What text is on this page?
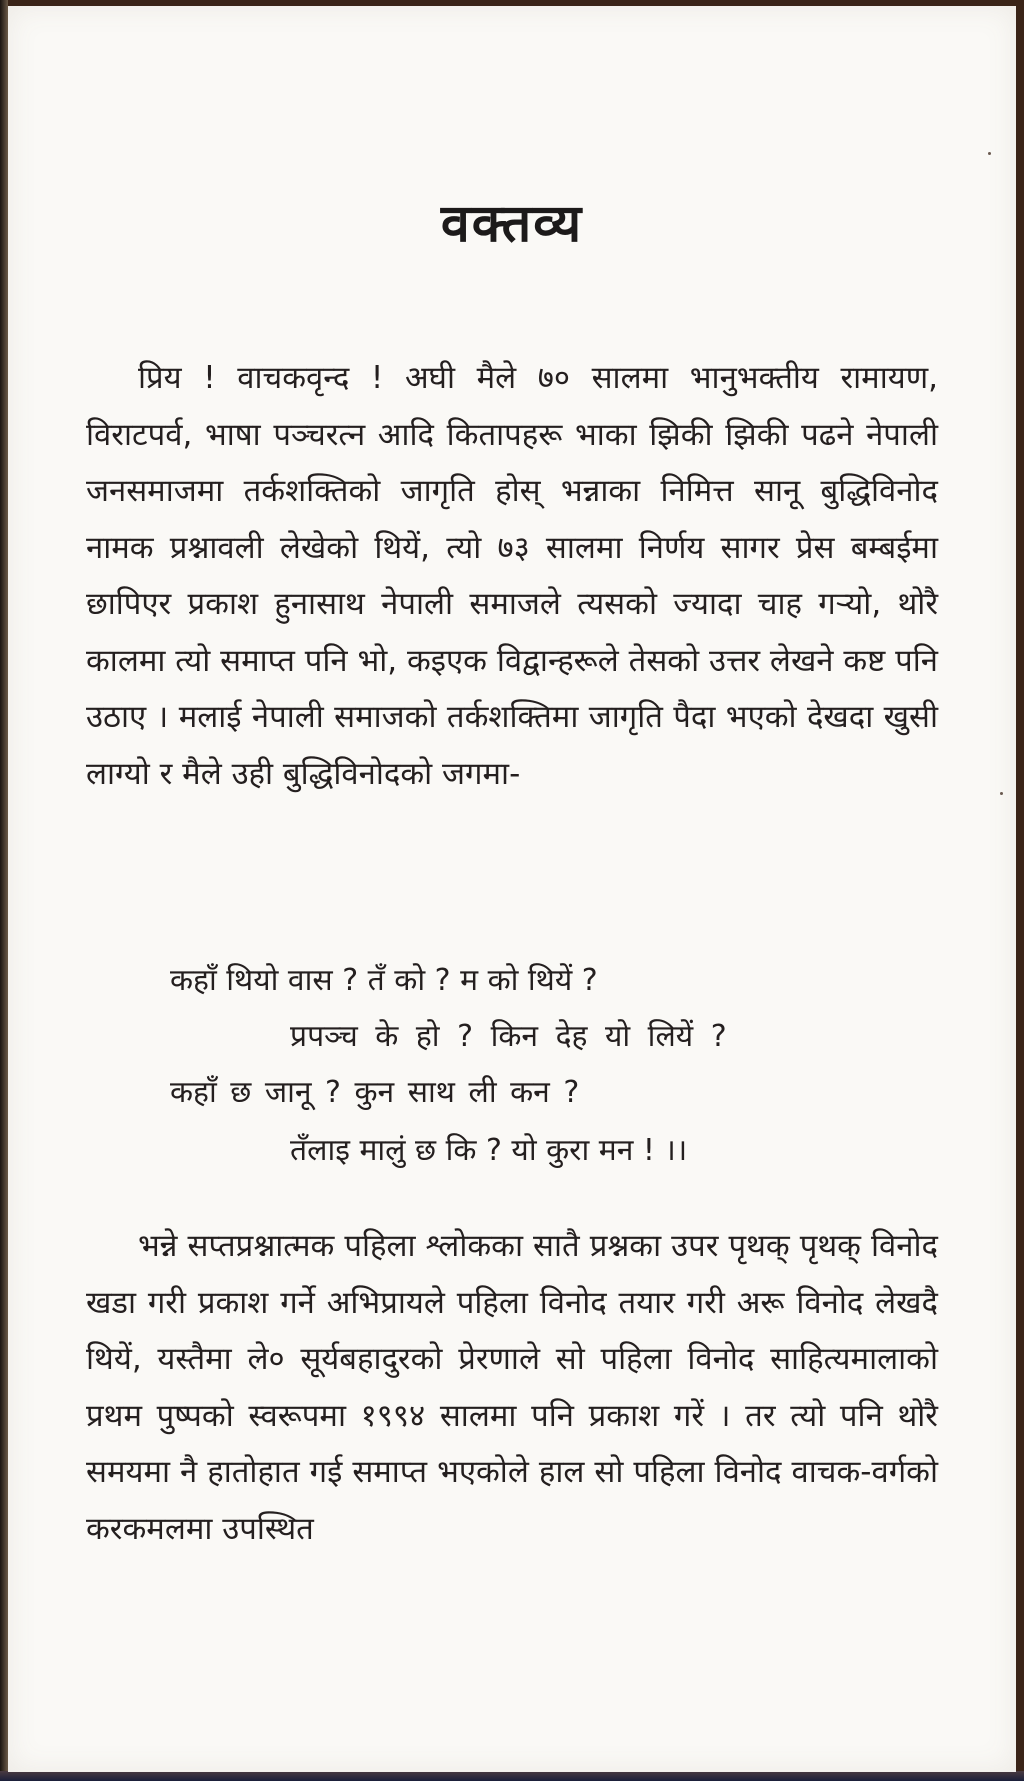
वक्तव्य

प्रिय ! वाचकवृन्द ! अघी मैले ७० सालमा भानुभक्तीय रामायण, विराटपर्व, भाषा पञ्चरत्न आदि कितापहरू भाका झिकी झिकी पढने नेपाली जनसमाजमा तर्कशक्तिको जागृति होस् भन्नाका निमित्त सानू बुद्धिविनोद नामक प्रश्नावली लेखेको थियें, त्यो ७३ सालमा निर्णय सागर प्रेस बम्बईमा छापिएर प्रकाश हुनासाथ नेपाली समाजले त्यसको ज्यादा चाह गऱ्यो, थोरै कालमा त्यो समाप्त पनि भो, कइएक विद्वान्हरूले तेसको उत्तर लेखने कष्ट पनि उठाए । मलाई नेपाली समाजको तर्कशक्तिमा जागृति पैदा भएको देखदा खुसी लाग्यो र मैले उही बुद्धिविनोदको जगमा-

कहाँ थियो वास ? तँ को ? म को थियें ?
प्रपञ्च के हो ? किन देह यो लियें ?
कहाँ छ जानू ? कुन साथ ली कन ?
तँलाइ मालुं छ कि ? यो कुरा मन ! ।।

भन्ने सप्तप्रश्नात्मक पहिला श्लोकका सातै प्रश्नका उपर पृथक् पृथक् विनोद खडा गरी प्रकाश गर्ने अभिप्रायले पहिला विनोद तयार गरी अरू विनोद लेखदै थियें, यस्तैमा ले० सूर्यबहादुरको प्रेरणाले सो पहिला विनोद साहित्यमालाको प्रथम पुष्पको स्वरूपमा १९९४ सालमा पनि प्रकाश गरें । तर त्यो पनि थोरै समयमा नै हातोहात गई समाप्त भएकोले हाल सो पहिला विनोद वाचक-वर्गको करकमलमा उपस्थित
